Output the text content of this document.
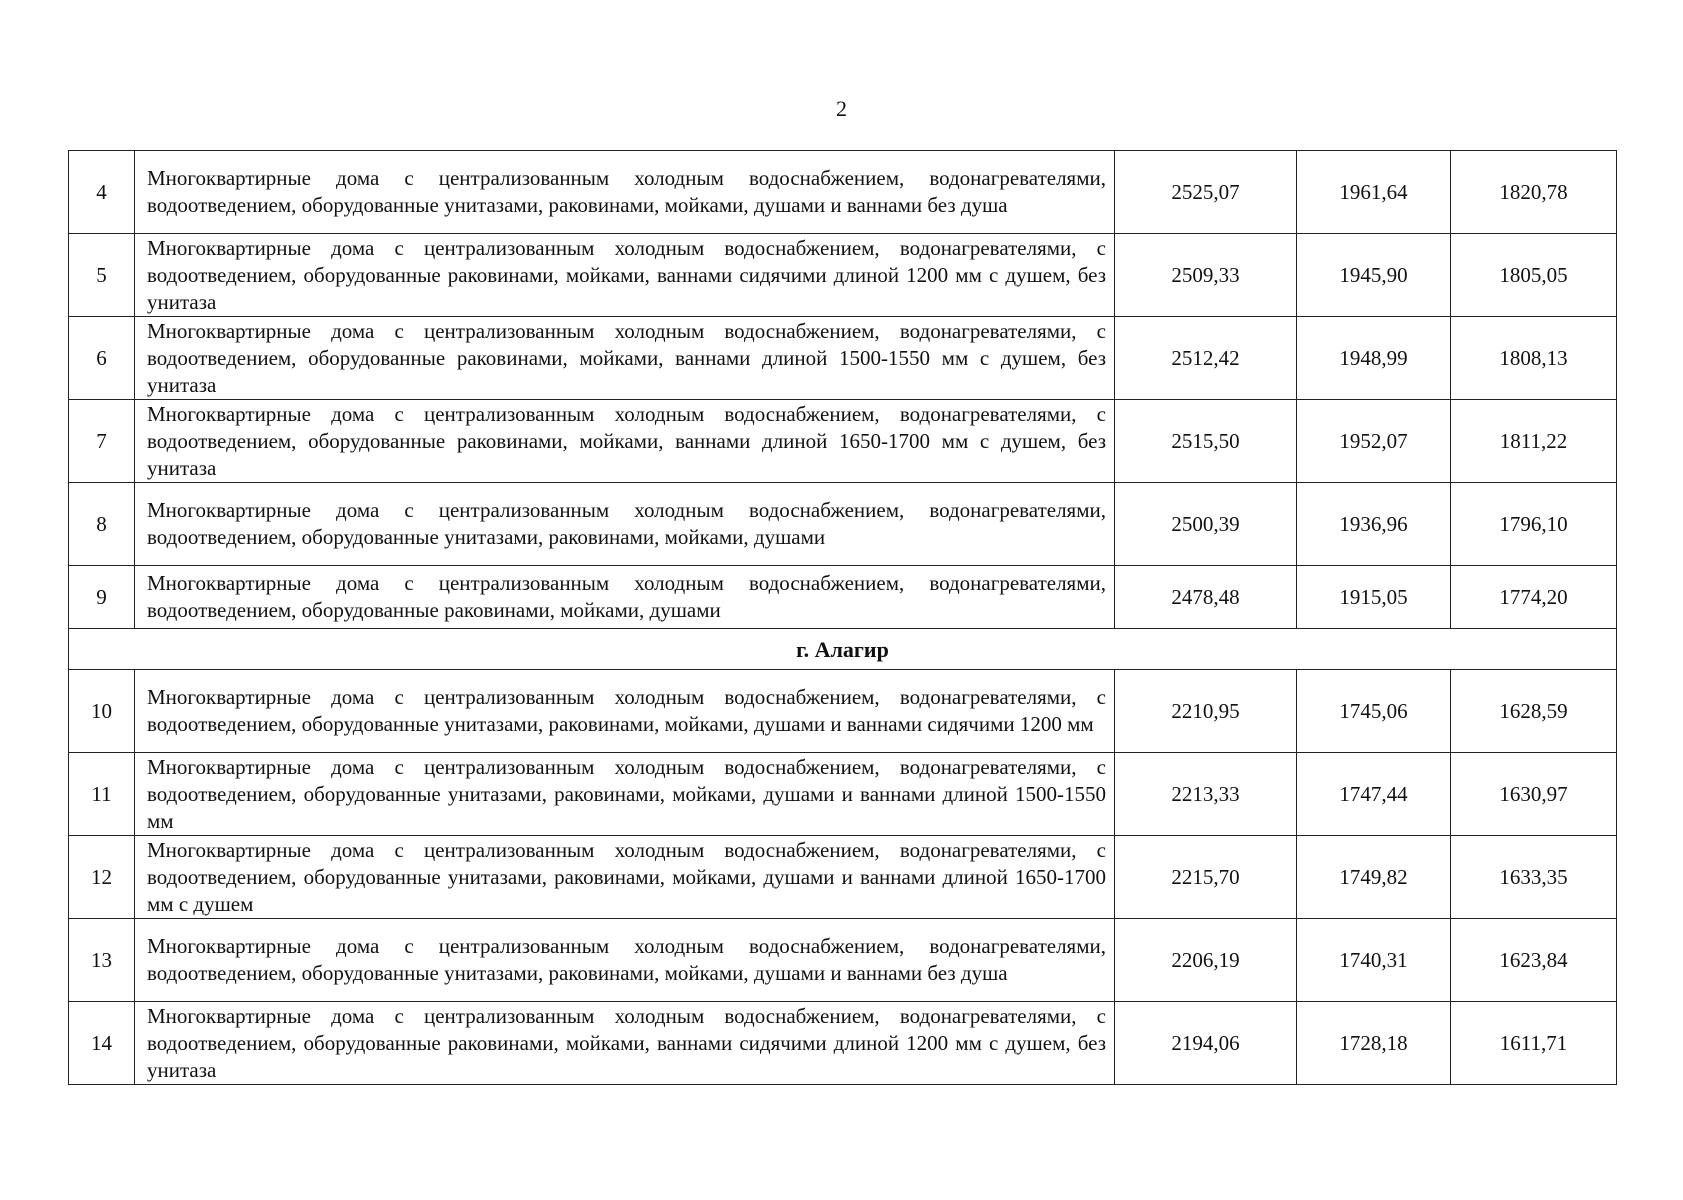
2
4	Многоквартирные дома с централизованным холодным водоснабжением, водонагревателями, водоотведением, оборудованные унитазами, раковинами, мойками, душами и ваннами без душа	2525,07	1961,64	1820,78
5	Многоквартирные дома с централизованным холодным водоснабжением, водонагревателями, с водоотведением, оборудованные раковинами, мойками, ваннами сидячими длиной 1200 мм с душем, без унитаза	2509,33	1945,90	1805,05
6	Многоквартирные дома с централизованным холодным водоснабжением, водонагревателями, с водоотведением, оборудованные раковинами, мойками, ваннами длиной 1500-1550 мм с душем, без унитаза	2512,42	1948,99	1808,13
7	Многоквартирные дома с централизованным холодным водоснабжением, водонагревателями, с водоотведением, оборудованные раковинами, мойками, ваннами длиной 1650-1700 мм с душем, без унитаза	2515,50	1952,07	1811,22
8	Многоквартирные дома с централизованным холодным водоснабжением, водонагревателями, водоотведением, оборудованные унитазами, раковинами, мойками, душами	2500,39	1936,96	1796,10
9	Многоквартирные дома с централизованным холодным водоснабжением, водонагревателями, водоотведением, оборудованные раковинами, мойками, душами	2478,48	1915,05	1774,20
г. Алагир				
10	Многоквартирные дома с централизованным холодным водоснабжением, водонагревателями, с водоотведением, оборудованные унитазами, раковинами, мойками, душами и ваннами сидячими 1200 мм	2210,95	1745,06	1628,59
11	Многоквартирные дома с централизованным холодным водоснабжением, водонагревателями, с водоотведением, оборудованные унитазами, раковинами, мойками, душами и ваннами длиной 1500-1550 мм	2213,33	1747,44	1630,97
12	Многоквартирные дома с централизованным холодным водоснабжением, водонагревателями, с водоотведением, оборудованные унитазами, раковинами, мойками, душами и ваннами длиной 1650-1700 мм с душем	2215,70	1749,82	1633,35
13	Многоквартирные дома с централизованным холодным водоснабжением, водонагревателями, водоотведением, оборудованные унитазами, раковинами, мойками, душами и ваннами без душа	2206,19	1740,31	1623,84
14	Многоквартирные дома с централизованным холодным водоснабжением, водонагревателями, с водоотведением, оборудованные раковинами, мойками, ваннами сидячими длиной 1200 мм с душем, без унитаза	2194,06	1728,18	1611,71
